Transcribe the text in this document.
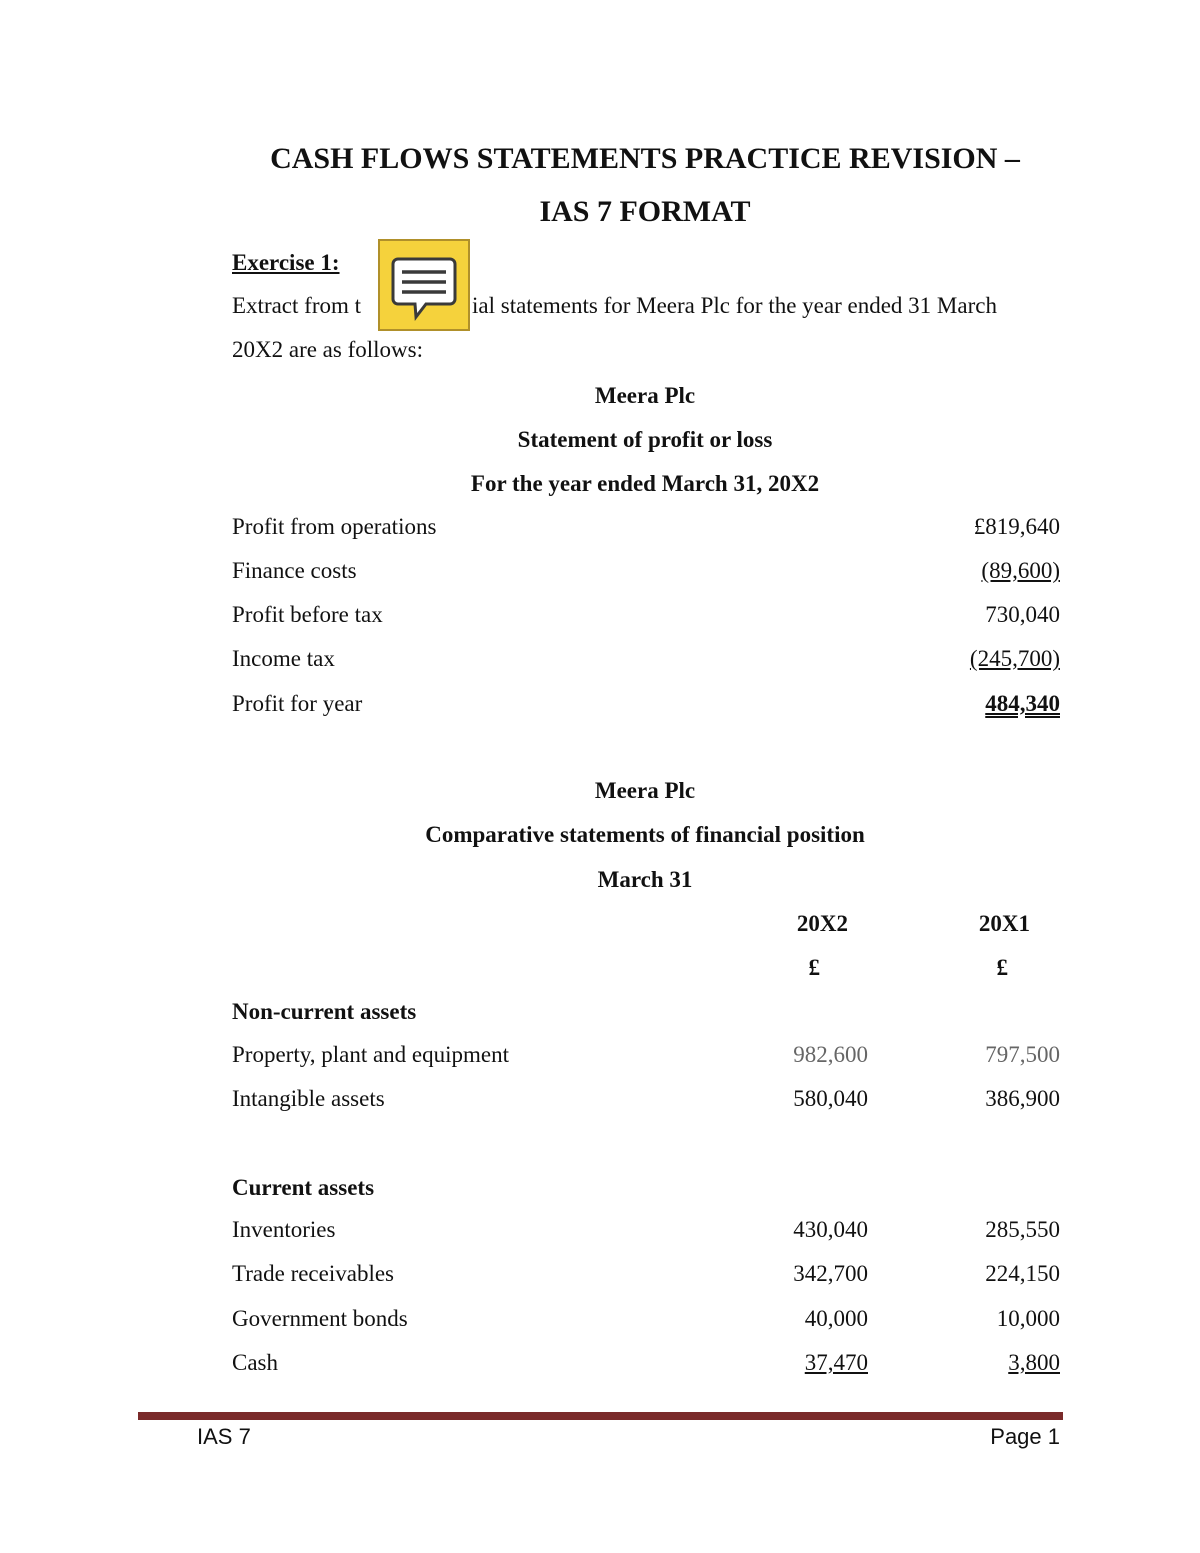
CASH FLOWS STATEMENTS PRACTICE REVISION –
IAS 7 FORMAT
Exercise 1:
Extract from t	ial statements for Meera Plc for the year ended 31 March
20X2 are as follows:
Meera Plc
Statement of profit or loss
For the year ended March 31, 20X2
Profit from operations	£819,640
Finance costs	(89,600)
Profit before tax	730,040
Income tax	(245,700)
Profit for year	484,340
Meera Plc
Comparative statements of financial position
March 31
20X2	20X1
£	£
Non-current assets
Property, plant and equipment	982,600	797,500
Intangible assets	580,040	386,900
Current assets
Inventories	430,040	285,550
Trade receivables	342,700	224,150
Government bonds	40,000	10,000
Cash	37,470	3,800
IAS 7	Page 1
